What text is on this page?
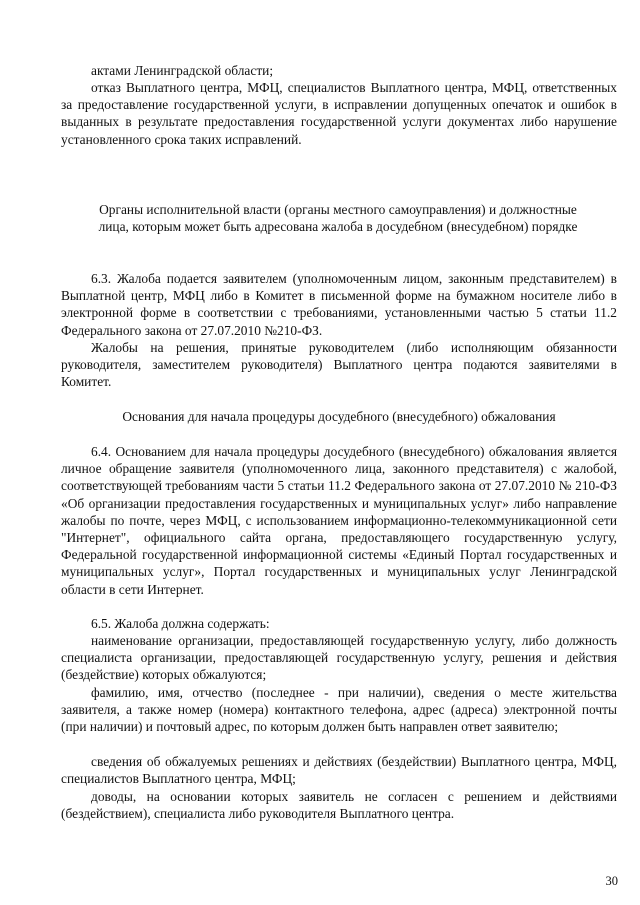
актами Ленинградской области;

отказ Выплатного центра, МФЦ, специалистов Выплатного центра, МФЦ, ответственных за предоставление государственной услуги, в исправлении допущенных опечаток и ошибок в выданных в результате предоставления государственной услуги документах либо нарушение установленного срока таких исправлений.

Органы исполнительной власти (органы местного самоуправления) и должностные лица, которым может быть адресована жалоба в досудебном (внесудебном) порядке

6.3. Жалоба подается заявителем (уполномоченным лицом, законным представителем) в Выплатной центр, МФЦ либо в Комитет в письменной форме на бумажном носителе либо в электронной форме в соответствии с требованиями, установленными частью 5 статьи 11.2 Федерального закона от 27.07.2010 №210-ФЗ.

Жалобы на решения, принятые руководителем (либо исполняющим обязанности руководителя, заместителем руководителя) Выплатного центра подаются заявителями в Комитет.

Основания для начала процедуры досудебного (внесудебного) обжалования

6.4. Основанием для начала процедуры досудебного (внесудебного) обжалования является личное обращение заявителя (уполномоченного лица, законного представителя) с жалобой, соответствующей требованиям части 5 статьи 11.2 Федерального закона от 27.07.2010 № 210-ФЗ «Об организации предоставления государственных и муниципальных услуг» либо направление жалобы по почте, через МФЦ, с использованием информационно-телекоммуникационной сети "Интернет", официального сайта органа, предоставляющего государственную услугу, Федеральной государственной информационной системы «Единый Портал государственных и муниципальных услуг», Портал государственных и муниципальных услуг Ленинградской области в сети Интернет.

6.5. Жалоба должна содержать:

наименование организации, предоставляющей государственную услугу, либо должность специалиста организации, предоставляющей государственную услугу, решения и действия (бездействие) которых обжалуются;

фамилию, имя, отчество (последнее - при наличии), сведения о месте жительства заявителя, а также номер (номера) контактного телефона, адрес (адреса) электронной почты (при наличии) и почтовый адрес, по которым должен быть направлен ответ заявителю;

сведения об обжалуемых решениях и действиях (бездействии) Выплатного центра, МФЦ, специалистов Выплатного центра, МФЦ;

доводы, на основании которых заявитель не согласен с решением и действиями (бездействием), специалиста либо руководителя Выплатного центра.

30
